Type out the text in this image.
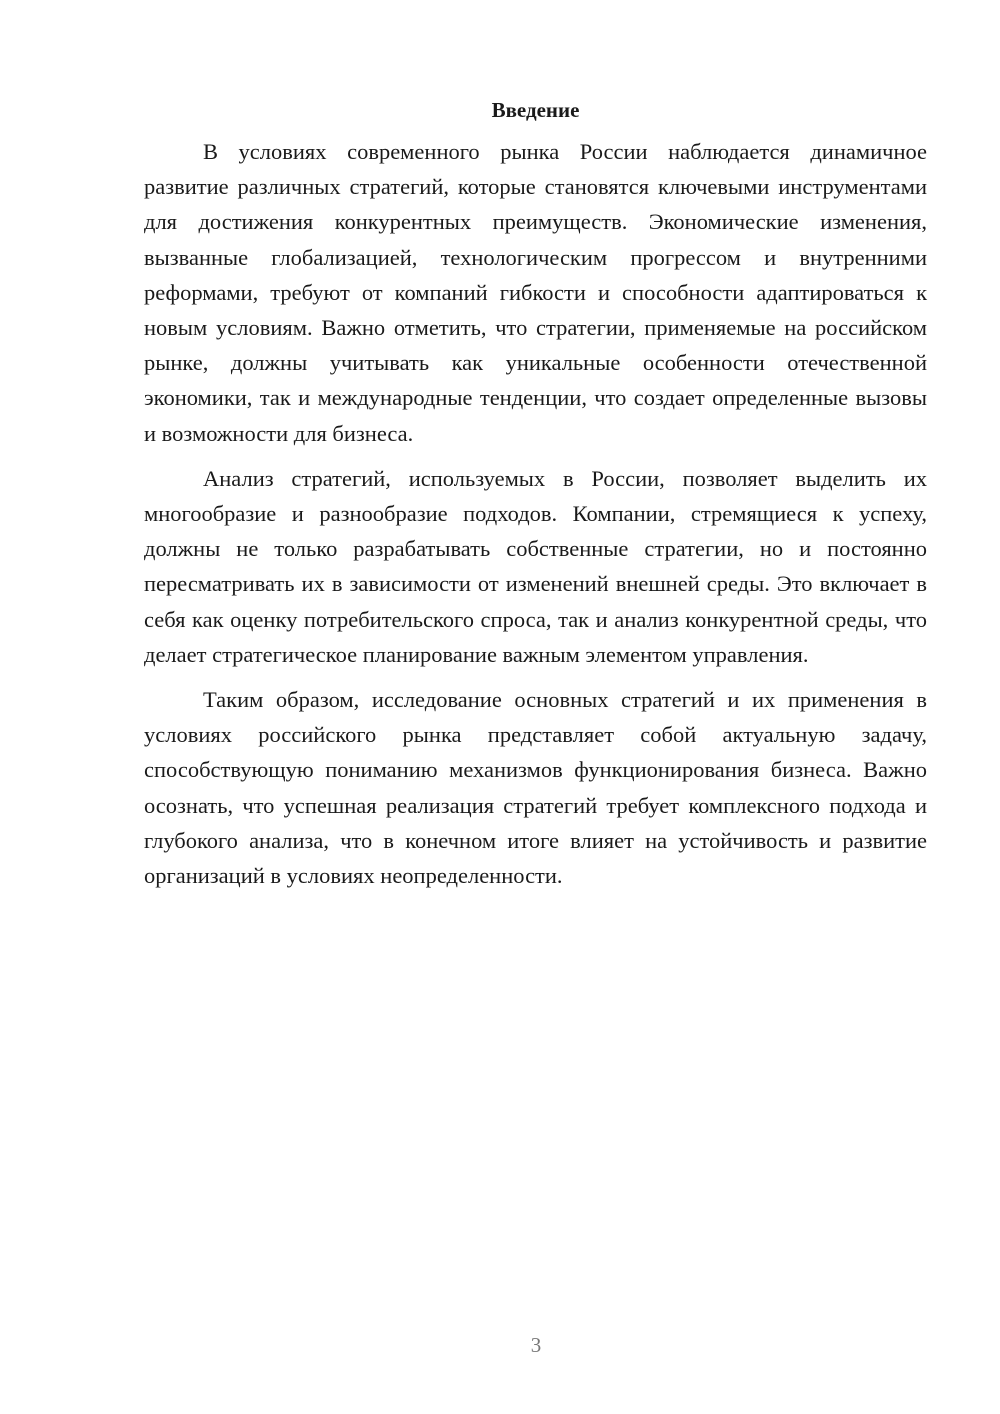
Введение

В условиях современного рынка России наблюдается динамичное развитие различных стратегий, которые становятся ключевыми инструментами для достижения конкурентных преимуществ. Экономические изменения, вызванные глобализацией, технологическим прогрессом и внутренними реформами, требуют от компаний гибкости и способности адаптироваться к новым условиям. Важно отметить, что стратегии, применяемые на российском рынке, должны учитывать как уникальные особенности отечественной экономики, так и международные тенденции, что создает определенные вызовы и возможности для бизнеса.

Анализ стратегий, используемых в России, позволяет выделить их многообразие и разнообразие подходов. Компании, стремящиеся к успеху, должны не только разрабатывать собственные стратегии, но и постоянно пересматривать их в зависимости от изменений внешней среды. Это включает в себя как оценку потребительского спроса, так и анализ конкурентной среды, что делает стратегическое планирование важным элементом управления.

Таким образом, исследование основных стратегий и их применения в условиях российского рынка представляет собой актуальную задачу, способствующую пониманию механизмов функционирования бизнеса. Важно осознать, что успешная реализация стратегий требует комплексного подхода и глубокого анализа, что в конечном итоге влияет на устойчивость и развитие организаций в условиях неопределенности.

3
